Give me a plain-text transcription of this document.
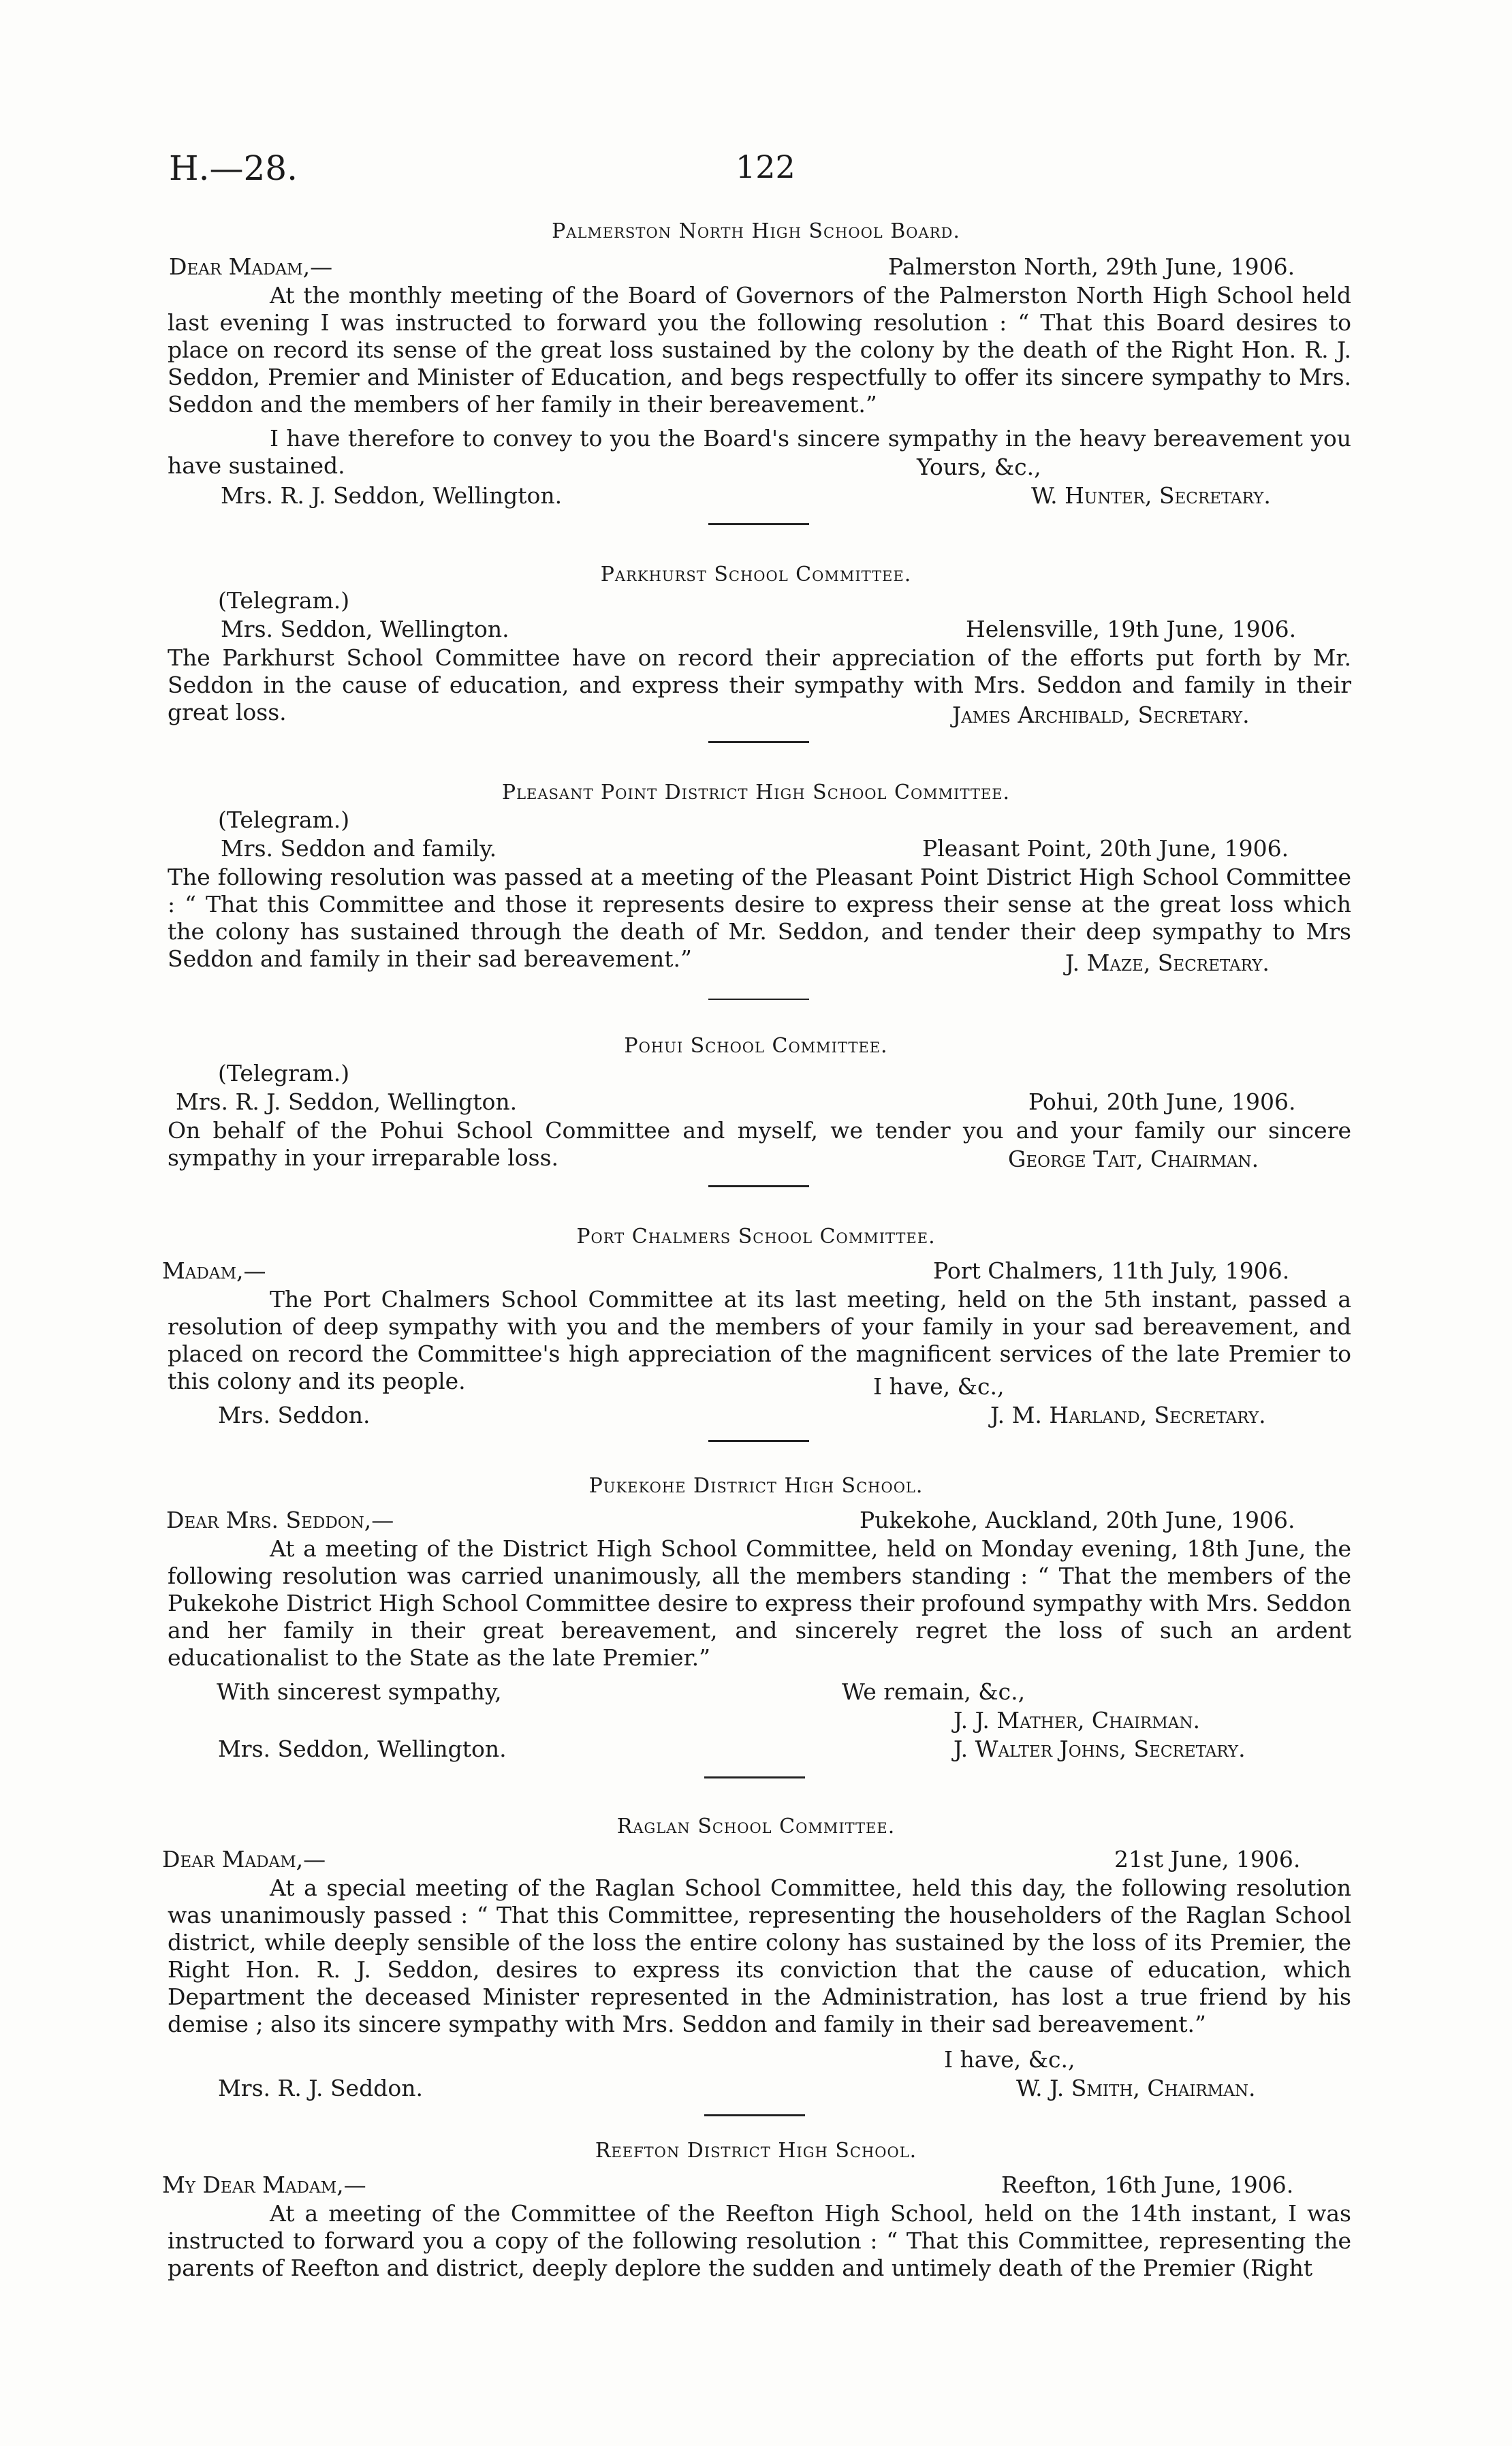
H.—28.	122
Palmerston North High School Board.
Dear Madam,—	Palmerston North, 29th June, 1906.
At the monthly meeting of the Board of Governors of the Palmerston North High School held last evening I was instructed to forward you the following resolution : “ That this Board desires to place on record its sense of the great loss sustained by the colony by the death of the Right Hon. R. J. Seddon, Premier and Minister of Education, and begs respectfully to offer its sincere sympathy to Mrs. Seddon and the members of her family in their bereavement.”
I have therefore to convey to you the Board's sincere sympathy in the heavy bereavement you have sustained.	Yours, &c.,
Mrs. R. J. Seddon, Wellington.	W. Hunter, Secretary.
Parkhurst School Committee.
(Telegram.)
Mrs. Seddon, Wellington.	Helensville, 19th June, 1906.
The Parkhurst School Committee have on record their appreciation of the efforts put forth by Mr. Seddon in the cause of education, and express their sympathy with Mrs. Seddon and family in their great loss.	James Archibald, Secretary.
Pleasant Point District High School Committee.
(Telegram.)
Mrs. Seddon and family.	Pleasant Point, 20th June, 1906.
The following resolution was passed at a meeting of the Pleasant Point District High School Committee : “ That this Committee and those it represents desire to express their sense at the great loss which the colony has sustained through the death of Mr. Seddon, and tender their deep sympathy to Mrs Seddon and family in their sad bereavement.”	J. Maze, Secretary.
Pohui School Committee.
(Telegram.)
Mrs. R. J. Seddon, Wellington.	Pohui, 20th June, 1906.
On behalf of the Pohui School Committee and myself, we tender you and your family our sincere sympathy in your irreparable loss.	George Tait, Chairman.
Port Chalmers School Committee.
Madam,—	Port Chalmers, 11th July, 1906.
The Port Chalmers School Committee at its last meeting, held on the 5th instant, passed a resolution of deep sympathy with you and the members of your family in your sad bereavement, and placed on record the Committee's high appreciation of the magnificent services of the late Premier to this colony and its people.	I have, &c.,
Mrs. Seddon.	J. M. Harland, Secretary.
Pukekohe District High School.
Dear Mrs. Seddon,—	Pukekohe, Auckland, 20th June, 1906.
At a meeting of the District High School Committee, held on Monday evening, 18th June, the following resolution was carried unanimously, all the members standing : “ That the members of the Pukekohe District High School Committee desire to express their profound sympathy with Mrs. Seddon and her family in their great bereavement, and sincerely regret the loss of such an ardent educationalist to the State as the late Premier.”
With sincerest sympathy,	We remain, &c.,
J. J. Mather, Chairman.
Mrs. Seddon, Wellington.	J. Walter Johns, Secretary.
Raglan School Committee.
Dear Madam,—	21st June, 1906.
At a special meeting of the Raglan School Committee, held this day, the following resolution was unanimously passed : “ That this Committee, representing the householders of the Raglan School district, while deeply sensible of the loss the entire colony has sustained by the loss of its Premier, the Right Hon. R. J. Seddon, desires to express its conviction that the cause of education, which Department the deceased Minister represented in the Administration, has lost a true friend by his demise ; also its sincere sympathy with Mrs. Seddon and family in their sad bereavement.”
I have, &c.,
Mrs. R. J. Seddon.	W. J. Smith, Chairman.
Reefton District High School.
My Dear Madam,—	Reefton, 16th June, 1906.
At a meeting of the Committee of the Reefton High School, held on the 14th instant, I was instructed to forward you a copy of the following resolution : “ That this Committee, representing the parents of Reefton and district, deeply deplore the sudden and untimely death of the Premier (Right
